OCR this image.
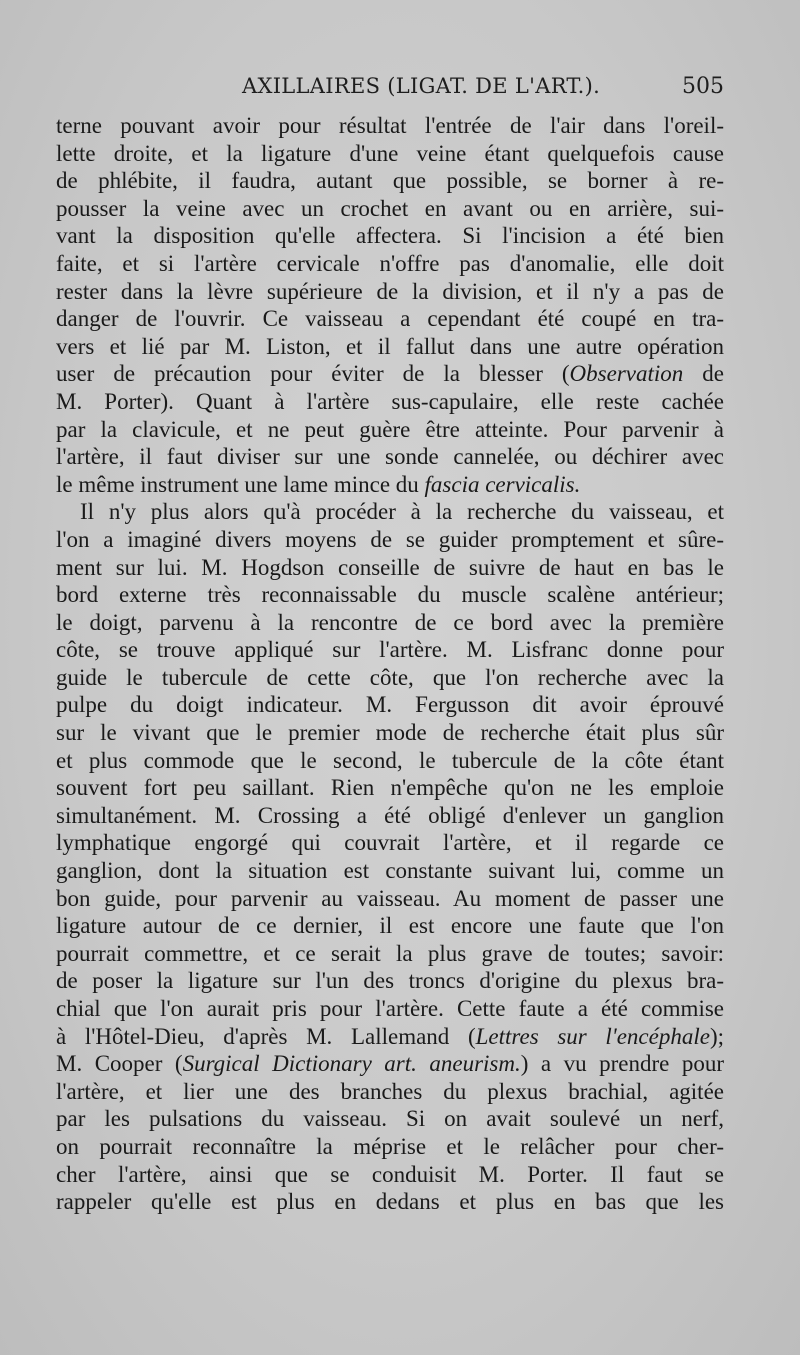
AXILLAIRES (LIGAT. DE L'ART.).	505
terne pouvant avoir pour résultat l'entrée de l'air dans l'oreil-
lette droite, et la ligature d'une veine étant quelquefois cause
de phlébite, il faudra, autant que possible, se borner à re-
pousser la veine avec un crochet en avant ou en arrière, sui-
vant la disposition qu'elle affectera. Si l'incision a été bien
faite, et si l'artère cervicale n'offre pas d'anomalie, elle doit
rester dans la lèvre supérieure de la division, et il n'y a pas de
danger de l'ouvrir. Ce vaisseau a cependant été coupé en tra-
vers et lié par M. Liston, et il fallut dans une autre opération
user de précaution pour éviter de la blesser (Observation de
M. Porter). Quant à l'artère sus-capulaire, elle reste cachée
par la clavicule, et ne peut guère être atteinte. Pour parvenir à
l'artère, il faut diviser sur une sonde cannelée, ou déchirer avec
le même instrument une lame mince du fascia cervicalis.
Il n'y plus alors qu'à procéder à la recherche du vaisseau, et
l'on a imaginé divers moyens de se guider promptement et sûre-
ment sur lui. M. Hogdson conseille de suivre de haut en bas le
bord externe très reconnaissable du muscle scalène antérieur;
le doigt, parvenu à la rencontre de ce bord avec la première
côte, se trouve appliqué sur l'artère. M. Lisfranc donne pour
guide le tubercule de cette côte, que l'on recherche avec la
pulpe du doigt indicateur. M. Fergusson dit avoir éprouvé
sur le vivant que le premier mode de recherche était plus sûr
et plus commode que le second, le tubercule de la côte étant
souvent fort peu saillant. Rien n'empêche qu'on ne les emploie
simultanément. M. Crossing a été obligé d'enlever un ganglion
lymphatique engorgé qui couvrait l'artère, et il regarde ce
ganglion, dont la situation est constante suivant lui, comme un
bon guide, pour parvenir au vaisseau. Au moment de passer une
ligature autour de ce dernier, il est encore une faute que l'on
pourrait commettre, et ce serait la plus grave de toutes; savoir:
de poser la ligature sur l'un des troncs d'origine du plexus bra-
chial que l'on aurait pris pour l'artère. Cette faute a été commise
à l'Hôtel-Dieu, d'après M. Lallemand (Lettres sur l'encéphale);
M. Cooper (Surgical Dictionary art. aneurism.) a vu prendre pour
l'artère, et lier une des branches du plexus brachial, agitée
par les pulsations du vaisseau. Si on avait soulevé un nerf,
on pourrait reconnaître la méprise et le relâcher pour cher-
cher l'artère, ainsi que se conduisit M. Porter. Il faut se
rappeler qu'elle est plus en dedans et plus en bas que les
